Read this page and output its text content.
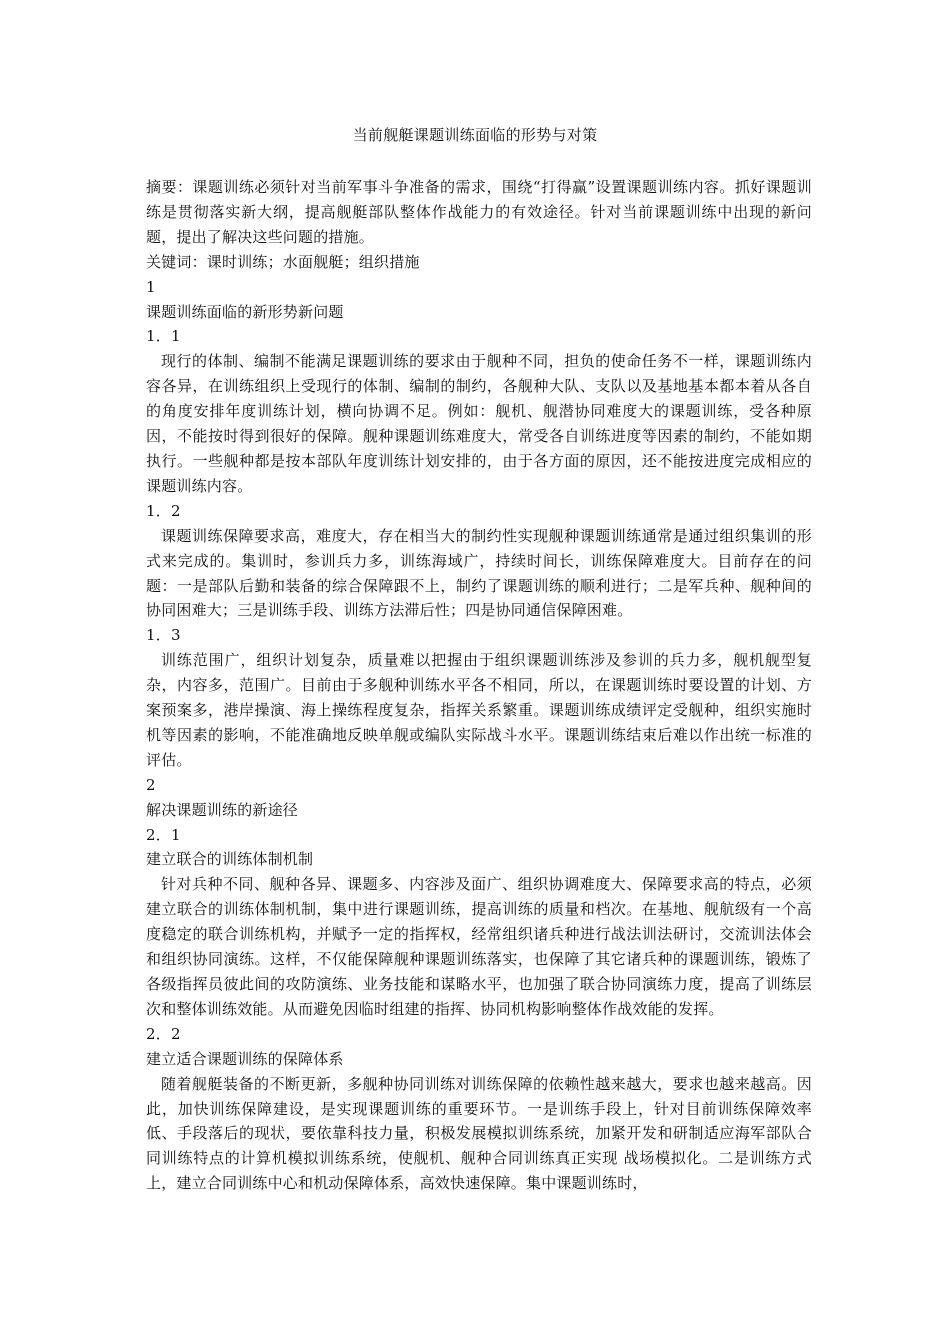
当前舰艇课题训练面临的形势与对策

摘要：课题训练必须针对当前军事斗争准备的需求，围绕“打得赢”设置课题训练内容。抓好课题训练是贯彻落实新大纲，提高舰艇部队整体作战能力的有效途径。针对当前课题训练中出现的新问题，提出了解决这些问题的措施。

关键词：课时训练；水面舰艇；组织措施

1

课题训练面临的新形势新问题

1．1

现行的体制、编制不能满足课题训练的要求由于舰种不同，担负的使命任务不一样，课题训练内容各异，在训练组织上受现行的体制、编制的制约，各舰种大队、支队以及基地基本都本着从各自的角度安排年度训练计划，横向协调不足。例如：舰机、舰潜协同难度大的课题训练，受各种原因，不能按时得到很好的保障。舰种课题训练难度大，常受各自训练进度等因素的制约，不能如期执行。一些舰种都是按本部队年度训练计划安排的，由于各方面的原因，还不能按进度完成相应的课题训练内容。

1．2

课题训练保障要求高，难度大，存在相当大的制约性实现舰种课题训练通常是通过组织集训的形式来完成的。集训时，参训兵力多，训练海域广，持续时间长，训练保障难度大。目前存在的问题：一是部队后勤和装备的综合保障跟不上，制约了课题训练的顺利进行；二是军兵种、舰种间的协同困难大；三是训练手段、训练方法滞后性；四是协同通信保障困难。

1．3

训练范围广，组织计划复杂，质量难以把握由于组织课题训练涉及参训的兵力多，舰机舰型复杂，内容多，范围广。目前由于多舰种训练水平各不相同，所以，在课题训练时要设置的计划、方案预案多，港岸操演、海上操练程度复杂，指挥关系繁重。课题训练成绩评定受舰种，组织实施时机等因素的影响，不能准确地反映单舰或编队实际战斗水平。课题训练结束后难以作出统一标准的评估。

2

解决课题训练的新途径

2．1

建立联合的训练体制机制

针对兵种不同、舰种各异、课题多、内容涉及面广、组织协调难度大、保障要求高的特点，必须建立联合的训练体制机制，集中进行课题训练，提高训练的质量和档次。在基地、舰航级有一个高度稳定的联合训练机构，并赋予一定的指挥权，经常组织诸兵种进行战法训法研讨，交流训法体会和组织协同演练。这样，不仅能保障舰种课题训练落实，也保障了其它诸兵种的课题训练，锻炼了各级指挥员彼此间的攻防演练、业务技能和谋略水平，也加强了联合协同演练力度，提高了训练层次和整体训练效能。从而避免因临时组建的指挥、协同机构影响整体作战效能的发挥。

2．2

建立适合课题训练的保障体系

随着舰艇装备的不断更新，多舰种协同训练对训练保障的依赖性越来越大，要求也越来越高。因此，加快训练保障建设，是实现课题训练的重要环节。一是训练手段上，针对目前训练保障效率低、手段落后的现状，要依靠科技力量，积极发展模拟训练系统，加紧开发和研制适应海军部队合同训练特点的计算机模拟训练系统，使舰机、舰种合同训练真正实现 战场模拟化。二是训练方式上，建立合同训练中心和机动保障体系，高效快速保障。集中课题训练时，
